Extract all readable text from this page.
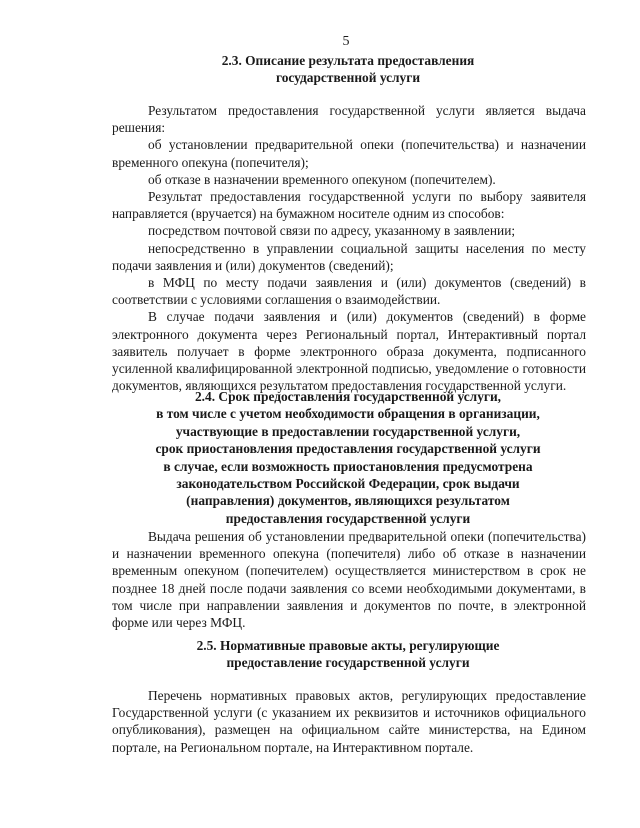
5
2.3. Описание результата предоставления
государственной услуги

Результатом предоставления государственной услуги является выдача решения:

об установлении предварительной опеки (попечительства) и назначении временного опекуна (попечителя);

об отказе в назначении временного опекуном (попечителем).

Результат предоставления государственной услуги по выбору заявителя направляется (вручается) на бумажном носителе одним из способов:

посредством почтовой связи по адресу, указанному в заявлении;

непосредственно в управлении социальной защиты населения по месту подачи заявления и (или) документов (сведений);

в МФЦ по месту подачи заявления и (или) документов (сведений) в соответствии с условиями соглашения о взаимодействии.

В случае подачи заявления и (или) документов (сведений) в форме электронного документа через Региональный портал, Интерактивный портал заявитель получает в форме электронного образа документа, подписанного усиленной квалифицированной электронной подписью, уведомление о готовности документов, являющихся результатом предоставления государственной услуги.

2.4. Срок предоставления государственной услуги,
в том числе с учетом необходимости обращения в организации,
участвующие в предоставлении государственной услуги,
срок приостановления предоставления государственной услуги
в случае, если возможность приостановления предусмотрена
законодательством Российской Федерации, срок выдачи
(направления) документов, являющихся результатом
предоставления государственной услуги

Выдача решения об установлении предварительной опеки (попечительства) и назначении временного опекуна (попечителя) либо об отказе в назначении временным опекуном (попечителем) осуществляется министерством в срок не позднее 18 дней после подачи заявления со всеми необходимыми документами, в том числе при направлении заявления и документов по почте, в электронной форме или через МФЦ.

2.5. Нормативные правовые акты, регулирующие
предоставление государственной услуги

Перечень нормативных правовых актов, регулирующих предоставление Государственной услуги (с указанием их реквизитов и источников официального опубликования), размещен на официальном сайте министерства, на Едином портале, на Региональном портале, на Интерактивном портале.
